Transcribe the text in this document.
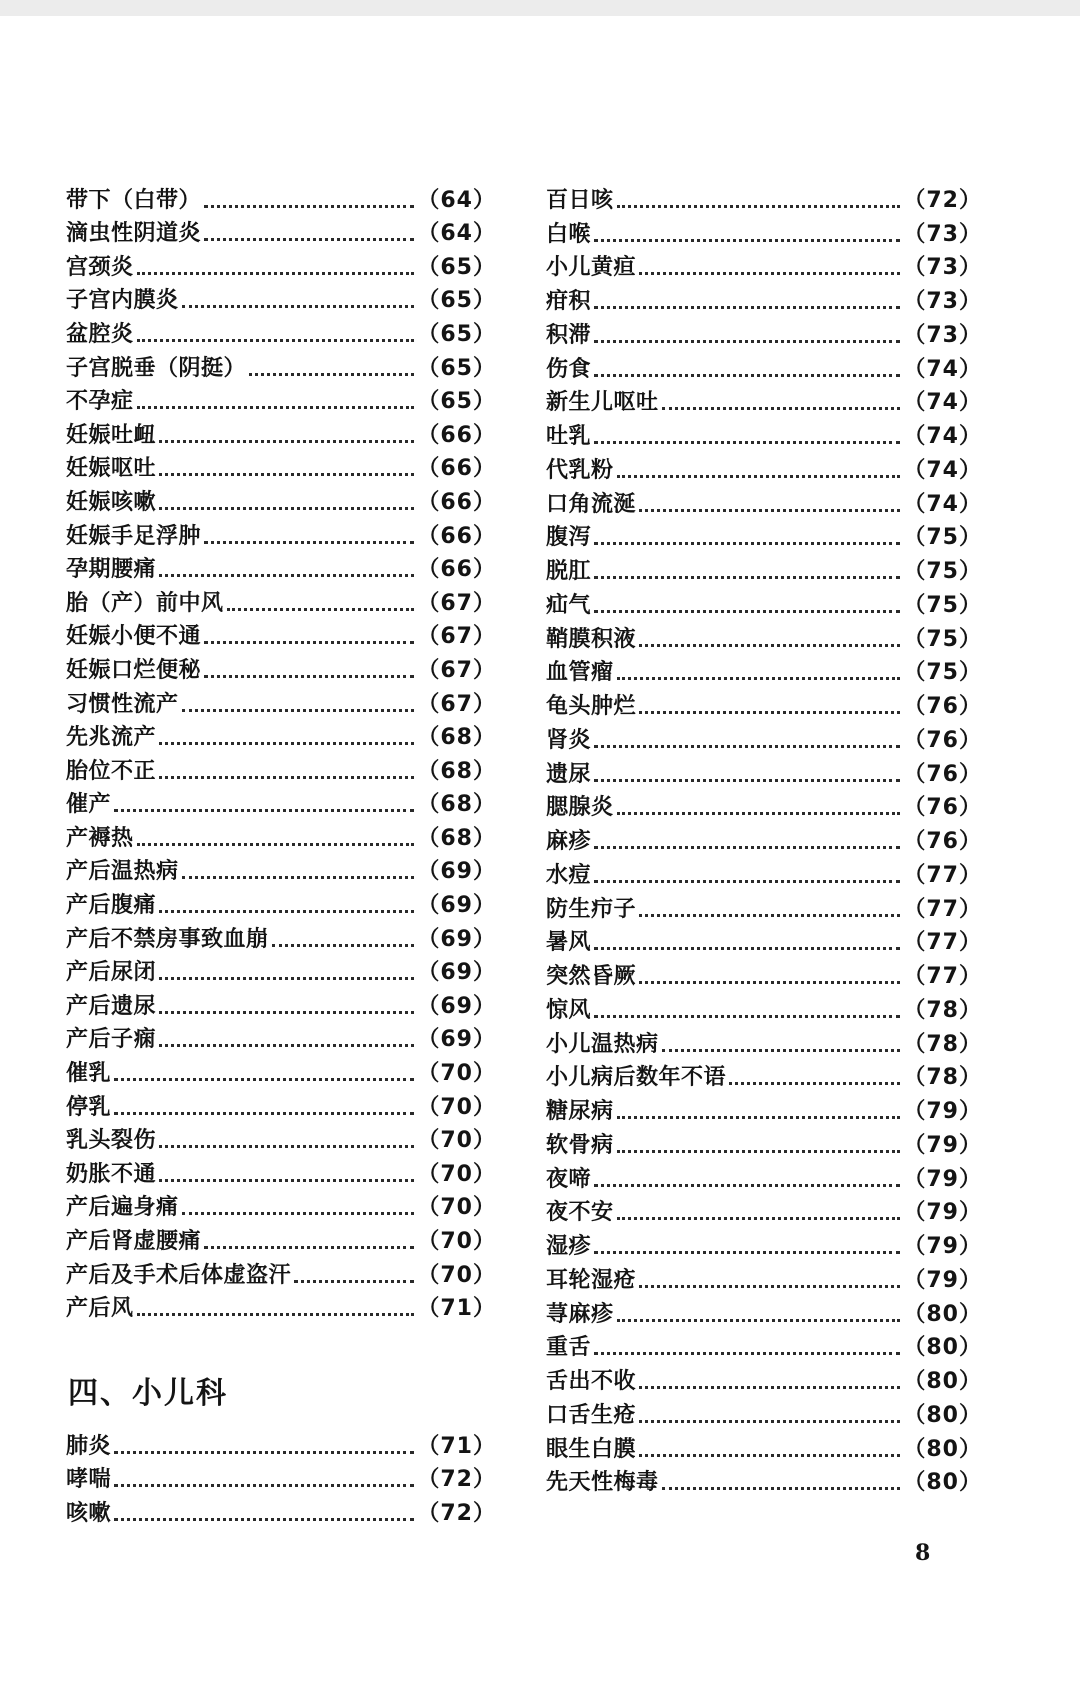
带下（白带）	（64）
滴虫性阴道炎	（64）
宫颈炎	（65）
子宫内膜炎	（65）
盆腔炎	（65）
子宫脱垂（阴挺）	（65）
不孕症	（65）
妊娠吐衄	（66）
妊娠呕吐	（66）
妊娠咳嗽	（66）
妊娠手足浮肿	（66）
孕期腰痛	（66）
胎（产）前中风	（67）
妊娠小便不通	（67）
妊娠口烂便秘	（67）
习惯性流产	（67）
先兆流产	（68）
胎位不正	（68）
催产	（68）
产褥热	（68）
产后温热病	（69）
产后腹痛	（69）
产后不禁房事致血崩	（69）
产后尿闭	（69）
产后遗尿	（69）
产后子痫	（69）
催乳	（70）
停乳	（70）
乳头裂伤	（70）
奶胀不通	（70）
产后遍身痛	（70）
产后肾虚腰痛	（70）
产后及手术后体虚盗汗	（70）
产后风	（71）
四、小儿科
肺炎	（71）
哮喘	（72）
咳嗽	（72）
百日咳	（72）
白喉	（73）
小儿黄疸	（73）
疳积	（73）
积滞	（73）
伤食	（74）
新生儿呕吐	（74）
吐乳	（74）
代乳粉	（74）
口角流涎	（74）
腹泻	（75）
脱肛	（75）
疝气	（75）
鞘膜积液	（75）
血管瘤	（75）
龟头肿烂	（76）
肾炎	（76）
遗尿	（76）
腮腺炎	（76）
麻疹	（76）
水痘	（77）
防生疖子	（77）
暑风	（77）
突然昏厥	（77）
惊风	（78）
小儿温热病	（78）
小儿病后数年不语	（78）
糖尿病	（79）
软骨病	（79）
夜啼	（79）
夜不安	（79）
湿疹	（79）
耳轮湿疮	（79）
荨麻疹	（80）
重舌	（80）
舌出不收	（80）
口舌生疮	（80）
眼生白膜	（80）
先天性梅毒	（80）
8
